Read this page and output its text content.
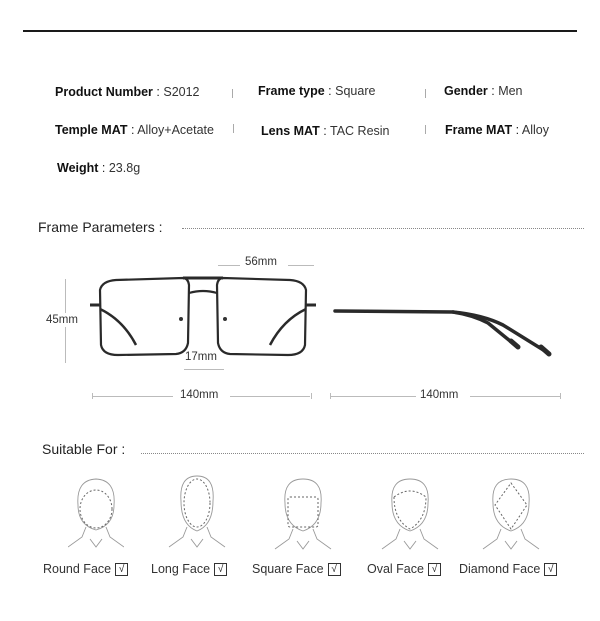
Product Number : S2012	Frame type : Square	Gender : Men
Temple MAT : Alloy+Acetate	Lens MAT : TAC Resin	Frame MAT : Alloy
Weight : 23.8g
Frame Parameters :
56mm
45mm
17mm
140mm	140mm
Suitable For :
Round Face √	Long Face √	Square Face √	Oval Face √	Diamond Face √
